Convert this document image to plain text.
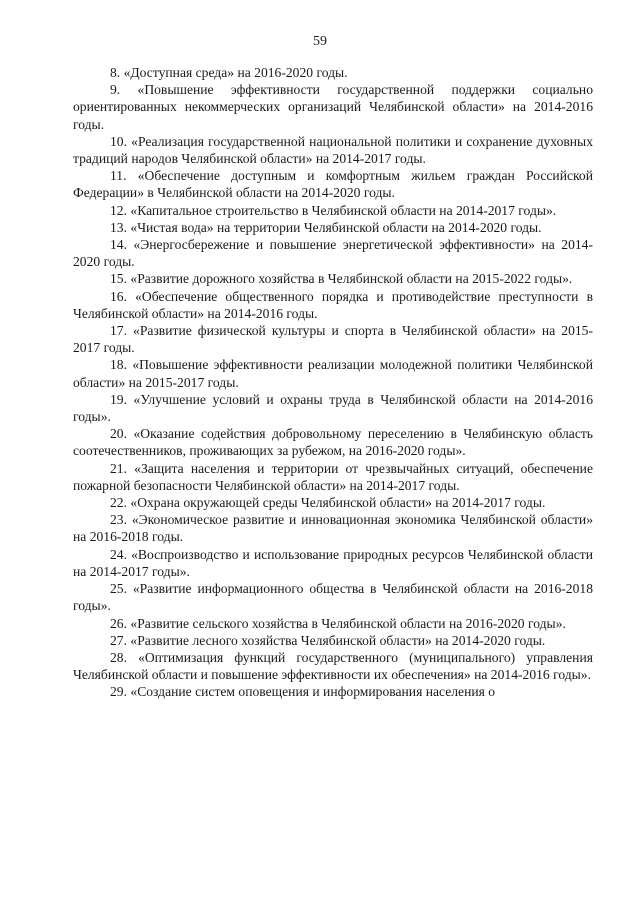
59

8. «Доступная среда» на 2016-2020 годы.

9. «Повышение эффективности государственной поддержки социально ориентированных некоммерческих организаций Челябинской области» на 2014-2016 годы.

10. «Реализация государственной национальной политики и сохранение духовных традиций народов Челябинской области» на 2014-2017 годы.

11. «Обеспечение доступным и комфортным жильем граждан Российской Федерации» в Челябинской области на 2014-2020 годы.

12. «Капитальное строительство в Челябинской области на 2014-2017 годы».

13. «Чистая вода» на территории Челябинской области на 2014-2020 годы.

14. «Энергосбережение и повышение энергетической эффективности» на 2014-2020 годы.

15. «Развитие дорожного хозяйства в Челябинской области на 2015-2022 годы».

16. «Обеспечение общественного порядка и противодействие преступности в Челябинской области» на 2014-2016 годы.

17. «Развитие физической культуры и спорта в Челябинской области» на 2015-2017 годы.

18. «Повышение эффективности реализации молодежной политики Челябинской области» на 2015-2017 годы.

19. «Улучшение условий и охраны труда в Челябинской области на 2014-2016 годы».

20. «Оказание содействия добровольному переселению в Челябинскую область соотечественников, проживающих за рубежом, на 2016-2020 годы».

21. «Защита населения и территории от чрезвычайных ситуаций, обеспечение пожарной безопасности Челябинской области» на 2014-2017 годы.

22. «Охрана окружающей среды Челябинской области» на 2014-2017 годы.

23. «Экономическое развитие и инновационная экономика Челябинской области» на 2016-2018 годы.

24. «Воспроизводство и использование природных ресурсов Челябинской области на 2014-2017 годы».

25. «Развитие информационного общества в Челябинской области на 2016-2018 годы».

26. «Развитие сельского хозяйства в Челябинской области на 2016-2020 годы».

27. «Развитие лесного хозяйства Челябинской области» на 2014-2020 годы.

28. «Оптимизация функций государственного (муниципального) управления Челябинской области и повышение эффективности их обеспечения» на 2014-2016 годы».

29. «Создание систем оповещения и информирования населения о
